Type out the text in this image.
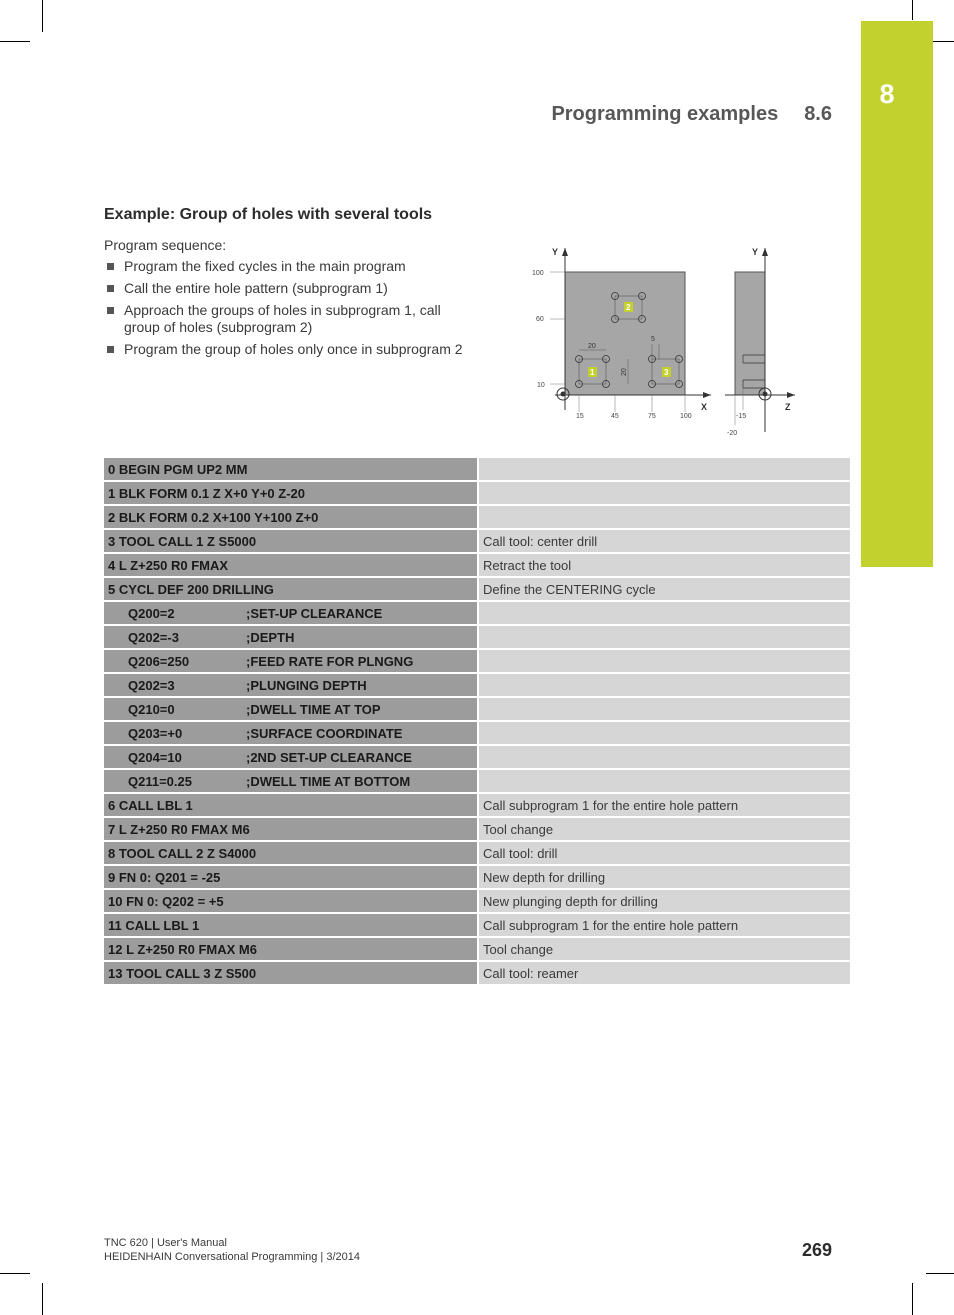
8
Programming examples 8.6
Example: Group of holes with several tools
Program sequence:
Program the fixed cycles in the main program
Call the entire hole pattern (subprogram 1)
Approach the groups of holes in subprogram 1, call group of holes (subprogram 2)
Program the group of holes only once in subprogram 2
Y
X
100
60
10
15	45	75	100
20
20
5
1
2
3
Y
Z
-15
-20
0 BEGIN PGM UP2 MM	
1 BLK FORM 0.1 Z X+0 Y+0 Z-20	
2 BLK FORM 0.2 X+100 Y+100 Z+0	
3 TOOL CALL 1 Z S5000	Call tool: center drill
4 L Z+250 R0 FMAX	Retract the tool
5 CYCL DEF 200 DRILLING	Define the CENTERING cycle
Q200=2 ;SET-UP CLEARANCE	
Q202=-3 ;DEPTH	
Q206=250 ;FEED RATE FOR PLNGNG	
Q202=3 ;PLUNGING DEPTH	
Q210=0 ;DWELL TIME AT TOP	
Q203=+0 ;SURFACE COORDINATE	
Q204=10 ;2ND SET-UP CLEARANCE	
Q211=0.25 ;DWELL TIME AT BOTTOM	
6 CALL LBL 1	Call subprogram 1 for the entire hole pattern
7 L Z+250 R0 FMAX M6	Tool change
8 TOOL CALL 2 Z S4000	Call tool: drill
9 FN 0: Q201 = -25	New depth for drilling
10 FN 0: Q202 = +5	New plunging depth for drilling
11 CALL LBL 1	Call subprogram 1 for the entire hole pattern
12 L Z+250 R0 FMAX M6	Tool change
13 TOOL CALL 3 Z S500	Call tool: reamer
TNC 620 | User's Manual
HEIDENHAIN Conversational Programming | 3/2014	269
